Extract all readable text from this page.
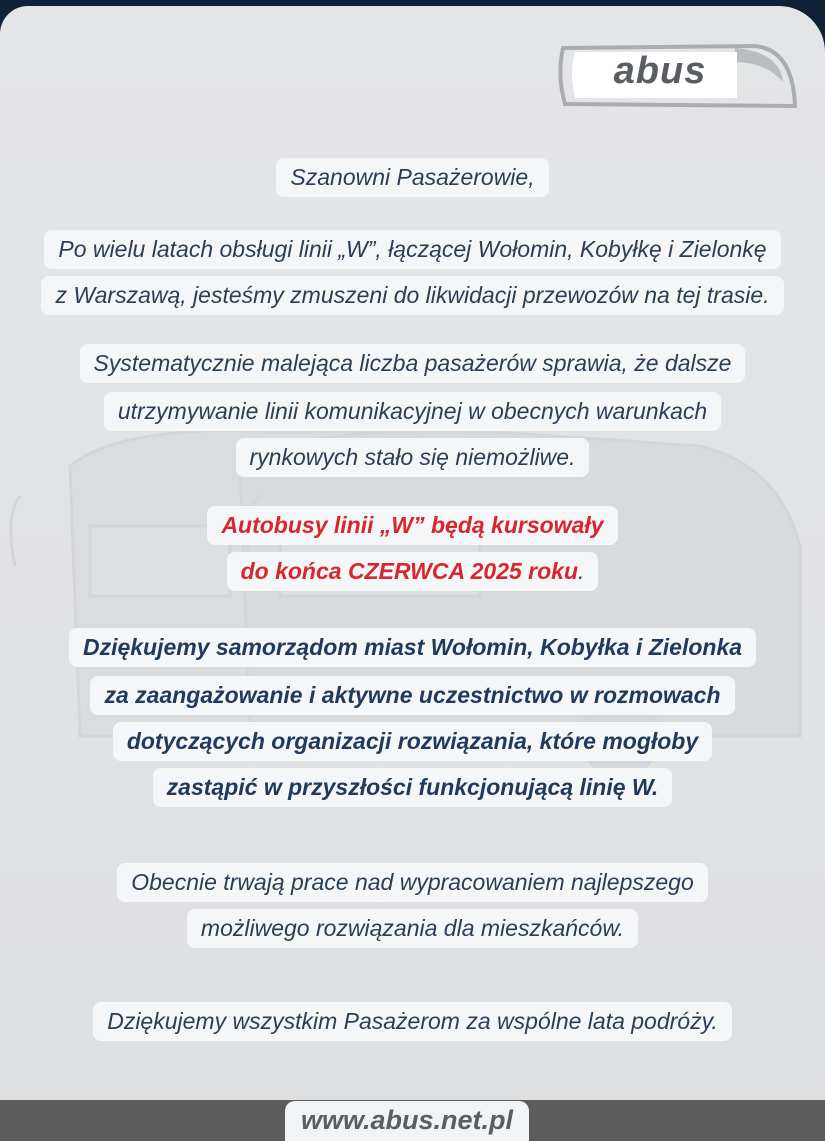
abus
Szanowni Pasażerowie,
Po wielu latach obsługi linii „W”, łączącej Wołomin, Kobyłkę i Zielonkę
z Warszawą, jesteśmy zmuszeni do likwidacji przewozów na tej trasie.
Systematycznie malejąca liczba pasażerów sprawia, że dalsze
utrzymywanie linii komunikacyjnej w obecnych warunkach
rynkowych stało się niemożliwe.
Autobusy linii „W” będą kursowały
do końca CZERWCA 2025 roku.
Dziękujemy samorządom miast Wołomin, Kobyłka i Zielonka
za zaangażowanie i aktywne uczestnictwo w rozmowach
dotyczących organizacji rozwiązania, które mogłoby
zastąpić w przyszłości funkcjonującą linię W.
Obecnie trwają prace nad wypracowaniem najlepszego
możliwego rozwiązania dla mieszkańców.
Dziękujemy wszystkim Pasażerom za wspólne lata podróży.
www.abus.net.pl
